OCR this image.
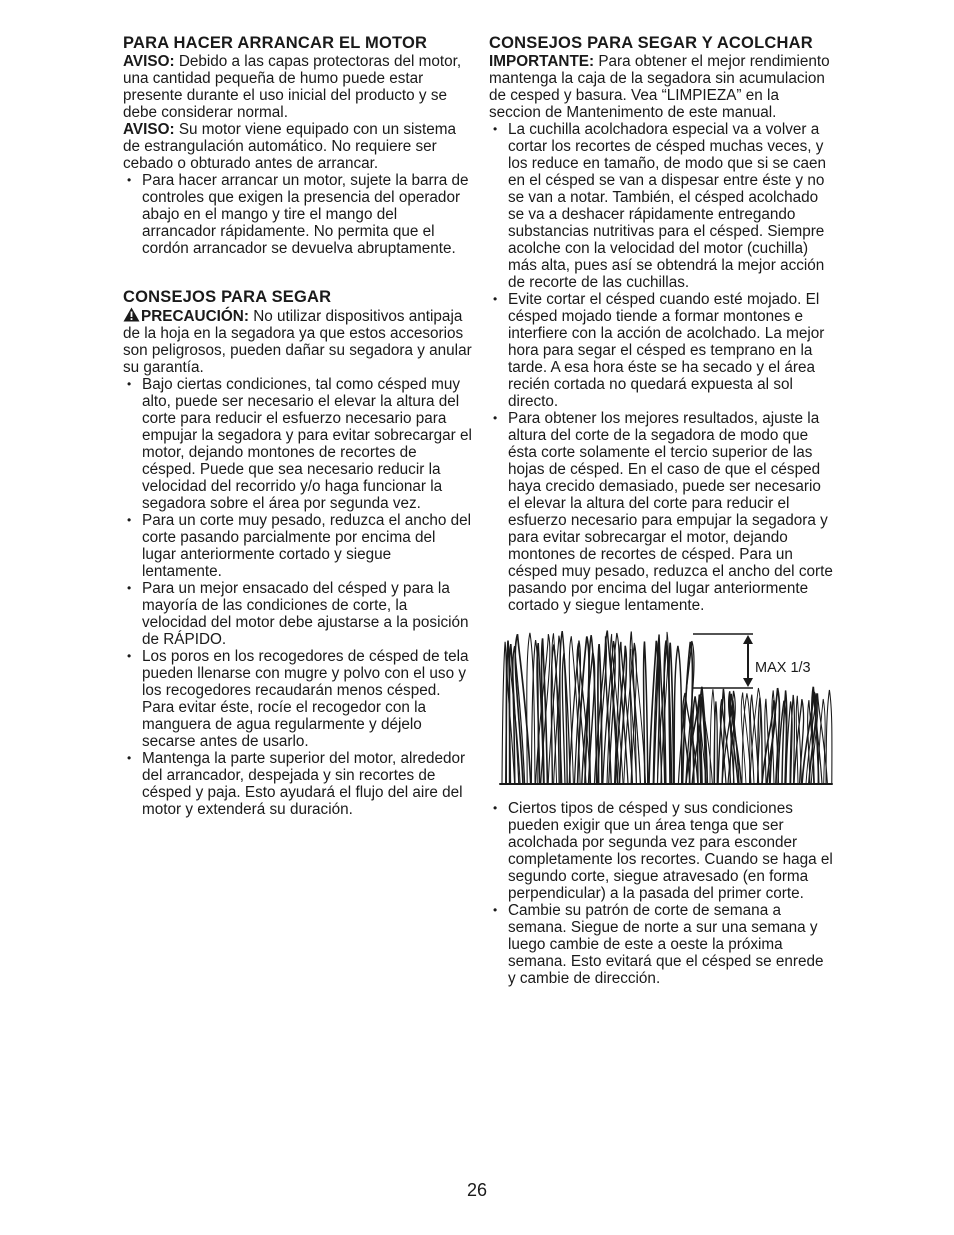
PARA HACER ARRANCAR EL MOTOR

AVISO: Debido a las capas protectoras del motor, una cantidad pequeña de humo puede estar presente durante el uso inicial del producto y se debe considerar normal.

AVISO: Su motor viene equipado con un sistema de estrangulación automático. No requiere ser cebado o obturado antes de arrancar.

• Para hacer arrancar un motor, sujete la barra de controles que exigen la presencia del operador abajo en el mango y tire el mango del arrancador rápidamente. No permita que el cordón arrancador se devuelva abruptamente.
CONSEJOS PARA SEGAR

PRECAUCIÓN: No utilizar dispositivos antipaja de la hoja en la segadora ya que estos accesorios son peligrosos, pueden dañar su segadora y anular su garantía.

• Bajo ciertas condiciones, tal como césped muy alto, puede ser necesario el elevar la altura del corte para reducir el esfuerzo necesario para empujar la segadora y para evitar sobrecargar el motor, dejando montones de recortes de césped. Puede que sea necesario reducir la velocidad del recorrido y/o haga funcionar la segadora sobre el área por segunda vez.
• Para un corte muy pesado, reduzca el ancho del corte pasando parcialmente por encima del lugar anteriormente cortado y siegue lentamente.
• Para un mejor ensacado del césped y para la mayoría de las condiciones de corte, la velocidad del motor debe ajustarse a la posición de RÁPIDO.
• Los poros en los recogedores de césped de tela pueden llenarse con mugre y polvo con el uso y los recogedores recaudarán menos césped. Para evitar éste, rocíe el recogedor con la manguera de agua regularmente y déjelo secarse antes de usarlo.
• Mantenga la parte superior del motor, alrededor del arrancador, despejada y sin recortes de césped y paja. Esto ayudará el flujo del aire del motor y extenderá su duración.
CONSEJOS PARA SEGAR Y ACOLCHAR

IMPORTANTE: Para obtener el mejor rendimiento mantenga la caja de la segadora sin acumulacion de cesped y basura. Vea “LIMPIEZA” en la seccion de Mantenimento de este manual.

• La cuchilla acolchadora especial va a volver a cortar los recortes de césped muchas veces, y los reduce en tamaño, de modo que si se caen en el césped se van a dispesar entre éste y no se van a notar. También, el césped acolchado se va a deshacer rápidamente entregando substancias nutritivas para el césped. Siempre acolche con la velocidad del motor (cuchilla) más alta, pues así se obtendrá la mejor acción de recorte de las cuchillas.
• Evite cortar el césped cuando esté mojado. El césped mojado tiende a formar montones e interfiere con la acción de acolchado. La mejor hora para segar el césped es temprano en la tarde. A esa hora éste se ha secado y el área recién cortada no quedará expuesta al sol directo.
• Para obtener los mejores resultados, ajuste la altura del corte de la segadora de modo que ésta corte solamente el tercio superior de las hojas de césped. En el caso de que el césped haya crecido demasiado, puede ser necesario el elevar la altura del corte para reducir el esfuerzo necesario para empujar la segadora y para evitar sobrecargar el motor, dejando montones de recortes de césped. Para un césped muy pesado, reduzca el ancho del corte pasando por encima del lugar anteriormente cortado y siegue lentamente.
MAX 1/3
• Ciertos tipos de césped y sus condiciones pueden exigir que un área tenga que ser acolchada por segunda vez para esconder completamente los recortes. Cuando se haga el segundo corte, siegue atravesado (en forma perpendicular) a la pasada del primer corte.
• Cambie su patrón de corte de semana a semana. Siegue de norte a sur una semana y luego cambie de este a oeste la próxima semana. Esto evitará que el césped se enrede y cambie de dirección.
26
